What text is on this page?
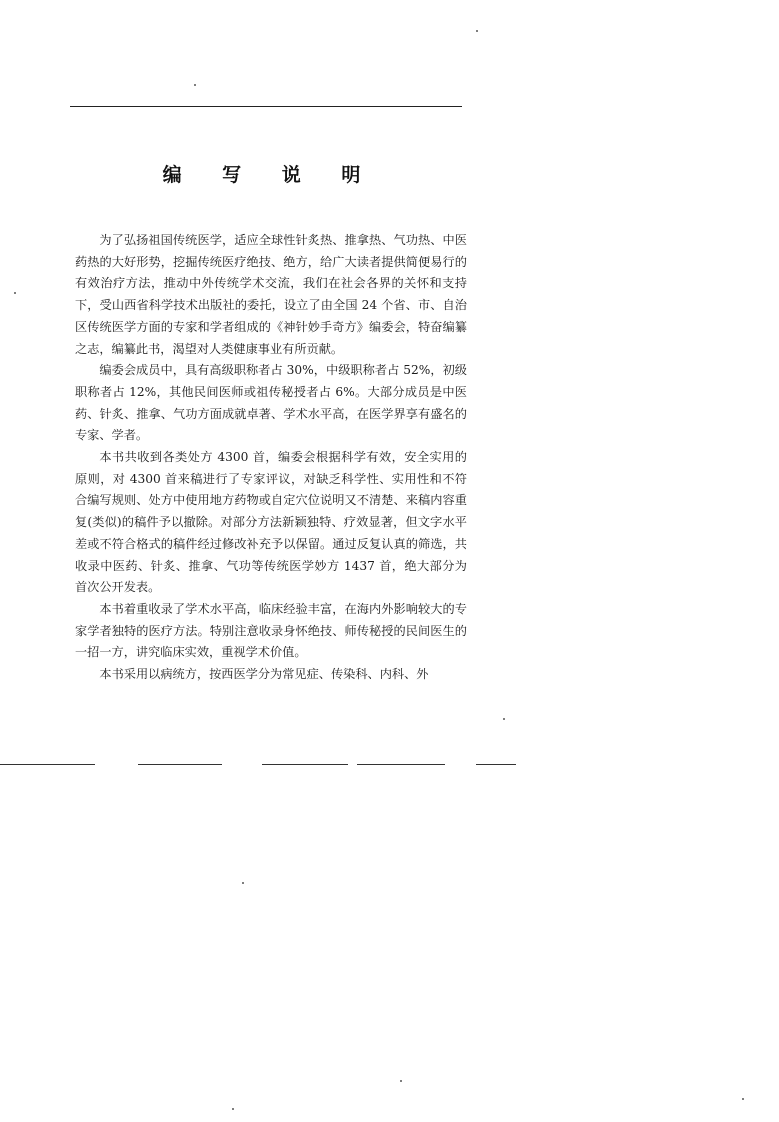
编 写 说 明

为了弘扬祖国传统医学，适应全球性针炙热、推拿热、气功热、中医药热的大好形势，挖掘传统医疗绝技、绝方，给广大读者提供简便易行的有效治疗方法，推动中外传统学术交流，我们在社会各界的关怀和支持下，受山西省科学技术出版社的委托，设立了由全国 24 个省、市、自治区传统医学方面的专家和学者组成的《神针妙手奇方》编委会，特奋编纂之志，编纂此书，渴望对人类健康事业有所贡献。

编委会成员中，具有高级职称者占 30%，中级职称者占 52%，初级职称者占 12%，其他民间医师或祖传秘授者占 6%。大部分成员是中医药、针炙、推拿、气功方面成就卓著、学术水平高，在医学界享有盛名的专家、学者。

本书共收到各类处方 4300 首，编委会根据科学有效，安全实用的原则，对 4300 首来稿进行了专家评议，对缺乏科学性、实用性和不符合编写规则、处方中使用地方药物或自定穴位说明又不清楚、来稿内容重复(类似)的稿件予以撤除。对部分方法新颖独特、疗效显著，但文字水平差或不符合格式的稿件经过修改补充予以保留。通过反复认真的筛选，共收录中医药、针炙、推拿、气功等传统医学妙方 1437 首，绝大部分为首次公开发表。

本书着重收录了学术水平高，临床经验丰富，在海内外影响较大的专家学者独特的医疗方法。特别注意收录身怀绝技、师传秘授的民间医生的一招一方，讲究临床实效，重视学术价值。

本书采用以病统方，按西医学分为常见症、传染科、内科、外
